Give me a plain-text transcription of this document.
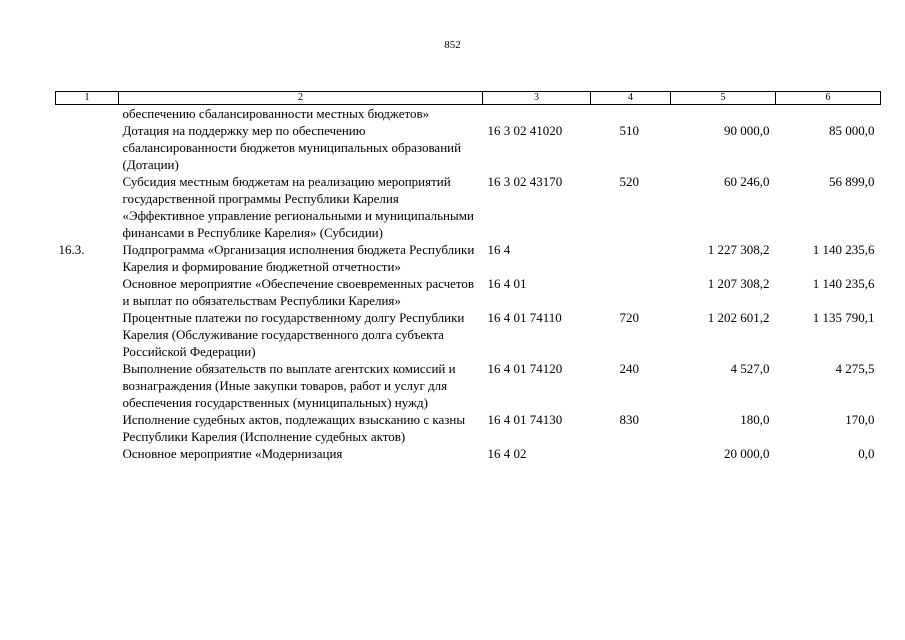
852
1	2	3	4	5	6
	обеспечению сбалансированности местных бюджетов»				
	Дотация на поддержку мер по обеспечению сбалансированности бюджетов муниципальных образований (Дотации)	16 3 02 41020	510	90 000,0	85 000,0
	Субсидия местным бюджетам на реализацию мероприятий государственной программы Республики Карелия «Эффективное управление региональными и муниципальными финансами в Республике Карелия» (Субсидии)	16 3 02 43170	520	60 246,0	56 899,0
16.3.	Подпрограмма «Организация исполнения бюджета Республики Карелия и формирование бюджетной отчетности»	16 4		1 227 308,2	1 140 235,6
	Основное мероприятие «Обеспечение своевременных расчетов и выплат по обязательствам Республики Карелия»	16 4 01		1 207 308,2	1 140 235,6
	Процентные платежи по государственному долгу Республики Карелия (Обслуживание государственного долга субъекта Российской Федерации)	16 4 01 74110	720	1 202 601,2	1 135 790,1
	Выполнение обязательств по выплате агентских комиссий и вознаграждения (Иные закупки товаров, работ и услуг для обеспечения государственных (муниципальных) нужд)	16 4 01 74120	240	4 527,0	4 275,5
	Исполнение судебных актов, подлежащих взысканию с казны Республики Карелия (Исполнение судебных актов)	16 4 01 74130	830	180,0	170,0
	Основное мероприятие «Модернизация	16 4 02		20 000,0	0,0
